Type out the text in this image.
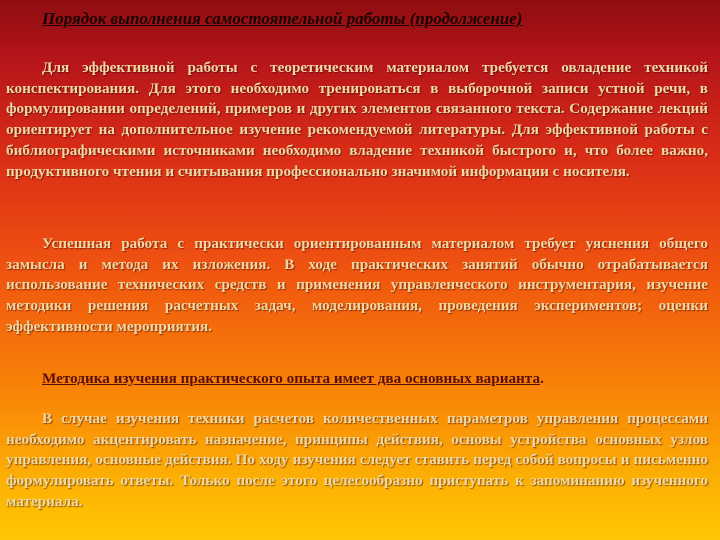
Порядок выполнения самостоятельной работы (продолжение)

Для эффективной работы с теоретическим материалом требуется овладение техникой конспектирования. Для этого необходимо тренироваться в выборочной записи устной речи, в формулировании определений, примеров и других элементов связанного текста. Содержание лекций ориентирует на дополнительное изучение рекомендуемой литературы. Для эффективной работы с библиографическими источниками необходимо владение техникой быстрого и, что более важно, продуктивного чтения и считывания профессионально значимой информации с носителя.

Успешная работа с практически ориентированным материалом требует уяснения общего замысла и метода их изложения. В ходе практических занятий обычно отрабатывается использование технических средств и применения управленческого инструментария, изучение методики решения расчетных задач, моделирования, проведения экспериментов; оценки эффективности мероприятия.

Методика изучения практического опыта имеет два основных варианта.

В случае изучения техники расчетов количественных параметров управления процессами необходимо акцентировать назначение, принципы действия, основы устройства основных узлов управления, основные действия. По ходу изучения следует ставить перед собой вопросы и письменно формулировать ответы. Только после этого целесообразно приступать к запоминанию изученного материала.
